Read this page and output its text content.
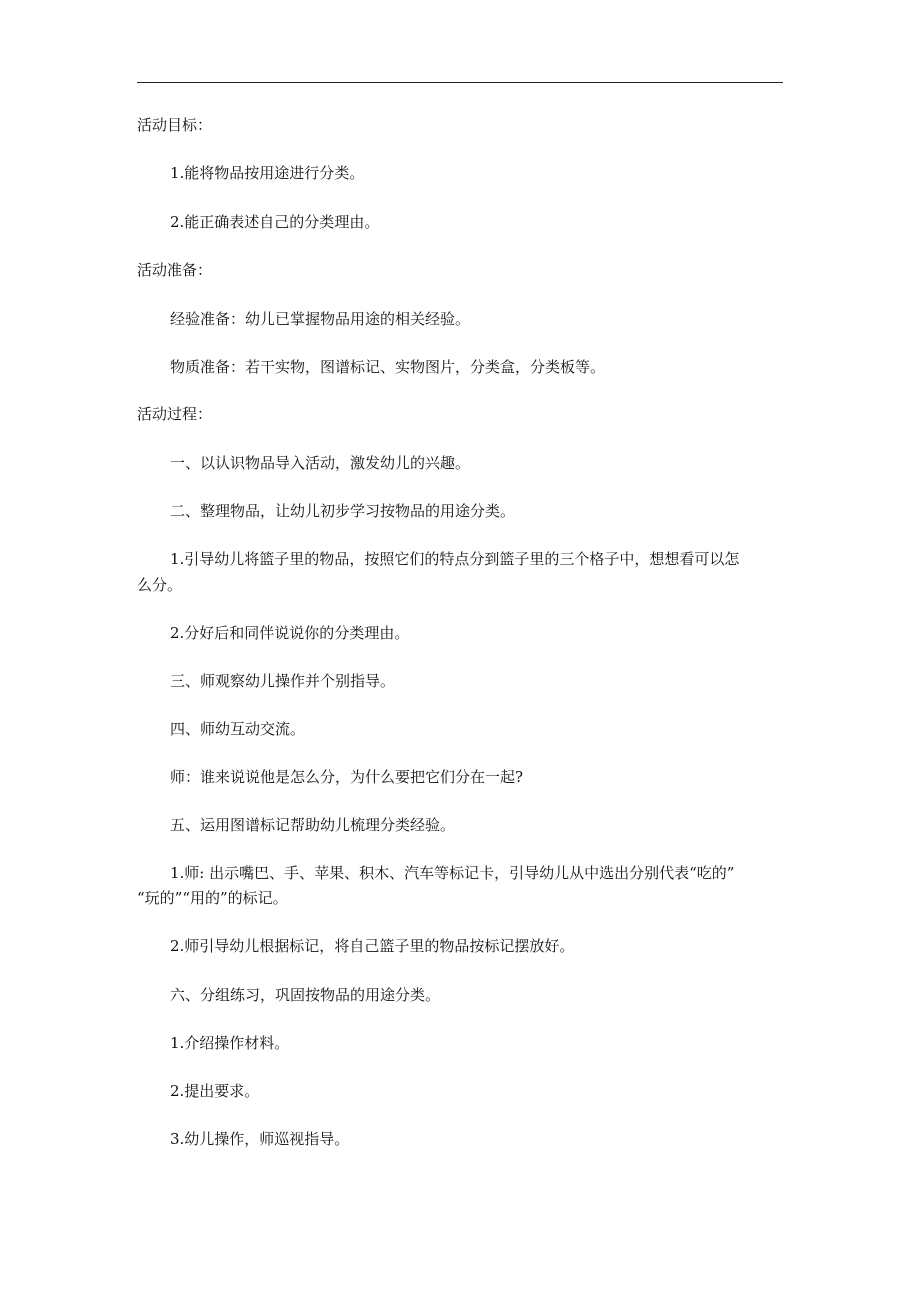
活动目标：
1.能将物品按用途进行分类。
2.能正确表述自己的分类理由。
活动准备：
经验准备：幼儿已掌握物品用途的相关经验。
物质准备：若干实物，图谱标记、实物图片，分类盒，分类板等。
活动过程：
一、以认识物品导入活动，激发幼儿的兴趣。
二、整理物品，让幼儿初步学习按物品的用途分类。
1.引导幼儿将篮子里的物品，按照它们的特点分到篮子里的三个格子中，想想看可以怎
么分。
2.分好后和同伴说说你的分类理由。
三、师观察幼儿操作并个别指导。
四、师幼互动交流。
师：谁来说说他是怎么分，为什么要把它们分在一起?
五、运用图谱标记帮助幼儿梳理分类经验。
1.师: 出示嘴巴、手、苹果、积木、汽车等标记卡，引导幼儿从中选出分别代表“吃的”
“玩的”“用的”的标记。
2.师引导幼儿根据标记，将自己篮子里的物品按标记摆放好。
六、分组练习，巩固按物品的用途分类。
1.介绍操作材料。
2.提出要求。
3.幼儿操作，师巡视指导。
